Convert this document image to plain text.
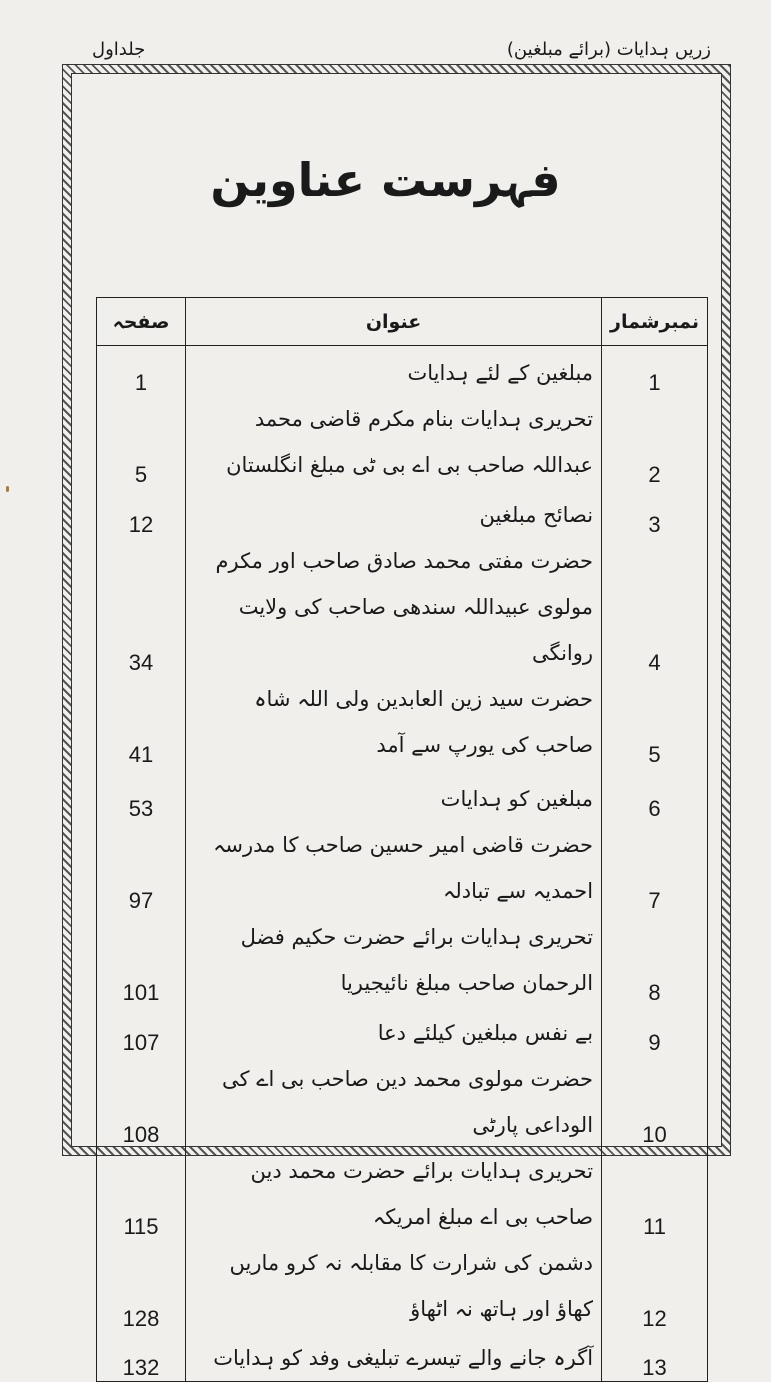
زریں ہدایات (برائے مبلغین)
جلداول
فہرست عناوین
نمبرشمار	عنوان	صفحہ
1	مبلغین کے لئے ہدایات	1
2	تحریری ہدایات بنام مکرم قاضی محمد عبداللہ صاحب بی اے بی ٹی مبلغ انگلستان	5
3	نصائح مبلغین	12
4	حضرت مفتی محمد صادق صاحب اور مکرم مولوی عبیداللہ سندھی صاحب کی ولایت روانگی	34
5	حضرت سید زین العابدین ولی اللہ شاہ صاحب کی یورپ سے آمد	41
6	مبلغین کو ہدایات	53
7	حضرت قاضی امیر حسین صاحب کا مدرسہ احمدیہ سے تبادلہ	97
8	تحریری ہدایات برائے حضرت حکیم فضل الرحمان صاحب مبلغ نائیجیریا	101
9	بے نفس مبلغین کیلئے دعا	107
10	حضرت مولوی محمد دین صاحب بی اے کی الوداعی پارٹی	108
11	تحریری ہدایات برائے حضرت محمد دین صاحب بی اے مبلغ امریکہ	115
12	دشمن کی شرارت کا مقابلہ نہ کرو ماریں کھاؤ اور ہاتھ نہ اٹھاؤ	128
13	آگرہ جانے والے تیسرے تبلیغی وفد کو ہدایات	132
